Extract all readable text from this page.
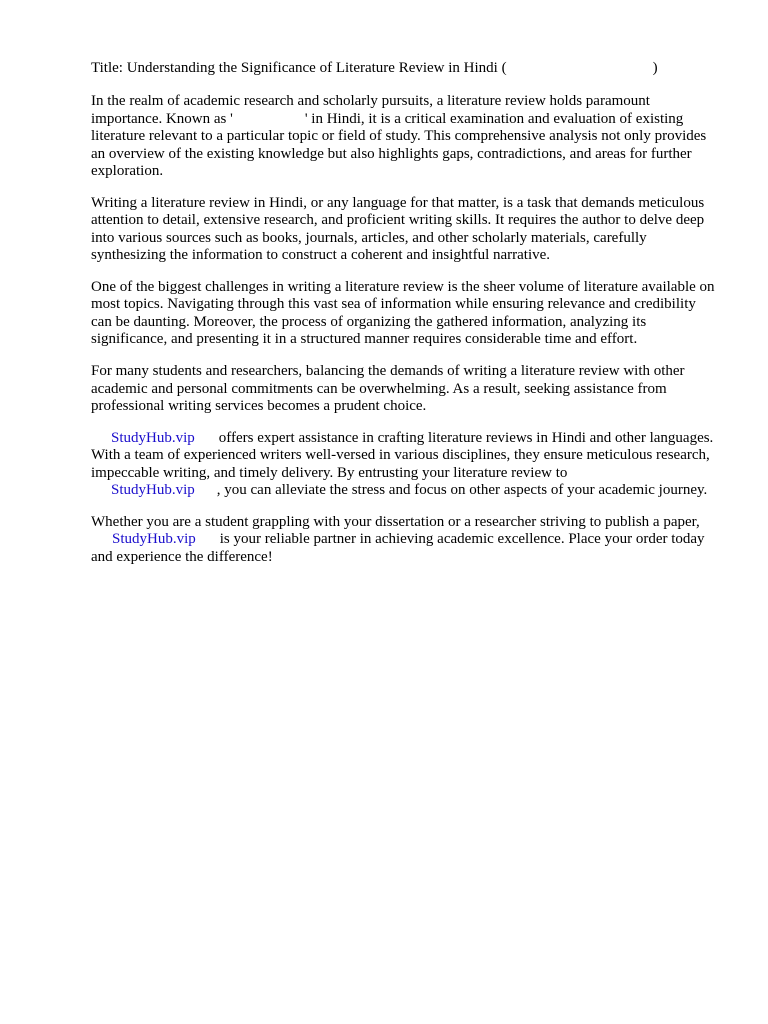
Title: Understanding the Significance of Literature Review in Hindi (	)

In the realm of academic research and scholarly pursuits, a literature review holds paramount importance. Known as '	' in Hindi, it is a critical examination and evaluation of existing literature relevant to a particular topic or field of study. This comprehensive analysis not only provides an overview of the existing knowledge but also highlights gaps, contradictions, and areas for further exploration.

Writing a literature review in Hindi, or any language for that matter, is a task that demands meticulous attention to detail, extensive research, and proficient writing skills. It requires the author to delve deep into various sources such as books, journals, articles, and other scholarly materials, carefully synthesizing the information to construct a coherent and insightful narrative.

One of the biggest challenges in writing a literature review is the sheer volume of literature available on most topics. Navigating through this vast sea of information while ensuring relevance and credibility can be daunting. Moreover, the process of organizing the gathered information, analyzing its significance, and presenting it in a structured manner requires considerable time and effort.

For many students and researchers, balancing the demands of writing a literature review with other academic and personal commitments can be overwhelming. As a result, seeking assistance from professional writing services becomes a prudent choice.

StudyHub.vip offers expert assistance in crafting literature reviews in Hindi and other languages. With a team of experienced writers well-versed in various disciplines, they ensure meticulous research, impeccable writing, and timely delivery. By entrusting your literature review to
StudyHub.vip , you can alleviate the stress and focus on other aspects of your academic journey.

Whether you are a student grappling with your dissertation or a researcher striving to publish a paper,StudyHub.vip is your reliable partner in achieving academic excellence. Place your order today and experience the difference!
